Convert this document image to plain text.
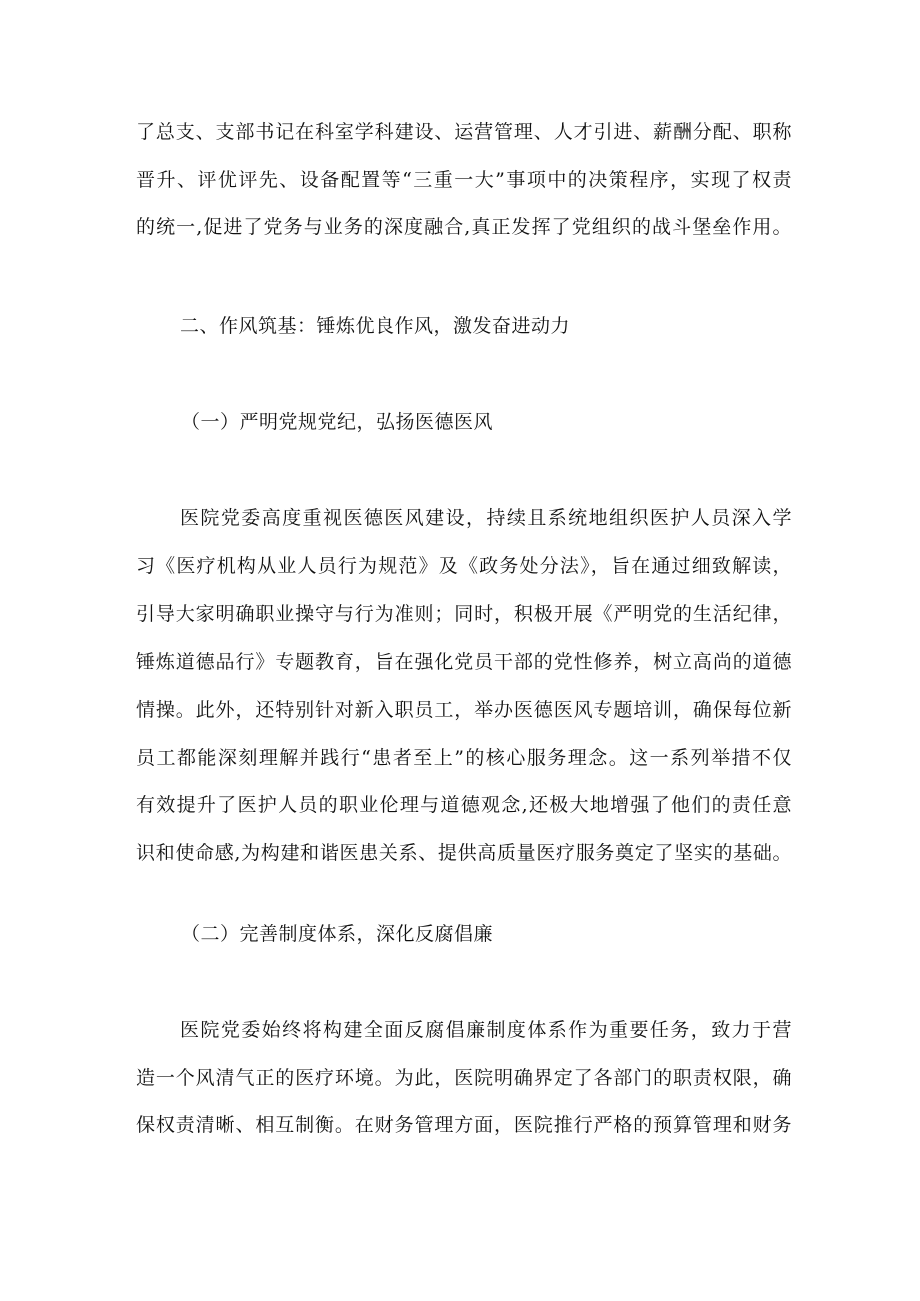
了总支、支部书记在科室学科建设、运营管理、人才引进、薪酬分配、职称
晋升、评优评先、设备配置等“三重一大”事项中的决策程序，实现了权责
的统一,促进了党务与业务的深度融合,真正发挥了党组织的战斗堡垒作用。
二、作风筑基：锤炼优良作风，激发奋进动力
（一）严明党规党纪，弘扬医德医风
医院党委高度重视医德医风建设，持续且系统地组织医护人员深入学
习《医疗机构从业人员行为规范》及《政务处分法》，旨在通过细致解读，
引导大家明确职业操守与行为准则；同时，积极开展《严明党的生活纪律，
锤炼道德品行》专题教育，旨在强化党员干部的党性修养，树立高尚的道德
情操。此外，还特别针对新入职员工，举办医德医风专题培训，确保每位新
员工都能深刻理解并践行“患者至上”的核心服务理念。这一系列举措不仅
有效提升了医护人员的职业伦理与道德观念,还极大地增强了他们的责任意
识和使命感,为构建和谐医患关系、提供高质量医疗服务奠定了坚实的基础。
（二）完善制度体系，深化反腐倡廉
医院党委始终将构建全面反腐倡廉制度体系作为重要任务，致力于营
造一个风清气正的医疗环境。为此，医院明确界定了各部门的职责权限，确
保权责清晰、相互制衡。在财务管理方面，医院推行严格的预算管理和财务
